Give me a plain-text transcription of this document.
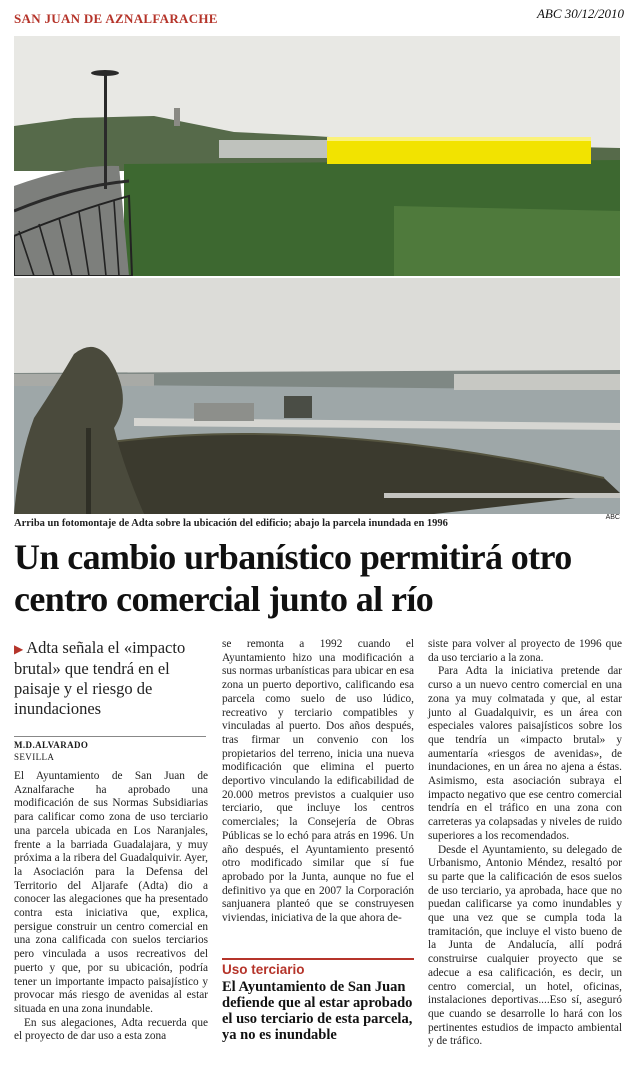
SAN JUAN DE AZNALFARACHE	ABC 30/12/2010
Arriba un fotomontaje de Adta sobre la ubicación del edificio; abajo la parcela inundada en 1996
ABC
Un cambio urbanístico permitirá otro centro comercial junto al río
▶ Adta señala el «impacto brutal» que tendrá en el paisaje y el riesgo de inundaciones
M.D.ALVARADO
SEVILLA

El Ayuntamiento de San Juan de Aznalfarache ha aprobado una modificación de sus Normas Subsidiarias para calificar como zona de uso terciario una parcela ubicada en Los Naranjales, frente a la barriada Guadalajara, y muy próxima a la ribera del Guadalquivir. Ayer, la Asociación para la Defensa del Territorio del Aljarafe (Adta) dio a conocer las alegaciones que ha presentado contra esta iniciativa que, explica, persigue construir un centro comercial en una zona calificada con suelos terciarios pero vinculada a usos recreativos del puerto y que, por su ubicación, podría tener un importante impacto paisajístico y provocar más riesgo de avenidas al estar situada en una zona inundable.

En sus alegaciones, Adta recuerda que el proyecto de dar uso a esta zona

se remonta a 1992 cuando el Ayuntamiento hizo una modificación a sus normas urbanísticas para ubicar en esa zona un puerto deportivo, calificando esa parcela como suelo de uso lúdico, recreativo y terciario compatibles y vinculadas al puerto. Dos años después, tras firmar un convenio con los propietarios del terreno, inicia una nueva modificación que elimina el puerto deportivo vinculando la edificabilidad de 20.000 metros previstos a cualquier uso terciario, que incluye los centros comerciales; la Consejería de Obras Públicas se lo echó para atrás en 1996. Un año después, el Ayuntamiento presentó otro modificado similar que sí fue aprobado por la Junta, aunque no fue el definitivo ya que en 2007 la Corporación sanjuanera planteó que se construyesen viviendas, iniciativa de la que ahora de-

Uso terciario
El Ayuntamiento de San Juan defiende que al estar aprobado el uso terciario de esta parcela, ya no es inundable

siste para volver al proyecto de 1996 que da uso terciario a la zona.

Para Adta la iniciativa pretende dar curso a un nuevo centro comercial en una zona ya muy colmatada y que, al estar junto al Guadalquivir, es un área con especiales valores paisajísticos sobre los que tendría un «impacto brutal» y aumentaría «riesgos de avenidas», de inundaciones, en un área no ajena a éstas. Asimismo, esta asociación subraya el impacto negativo que ese centro comercial tendría en el tráfico en una zona con carreteras ya colapsadas y niveles de ruido superiores a los recomendados.

Desde el Ayuntamiento, su delegado de Urbanismo, Antonio Méndez, resaltó por su parte que la calificación de esos suelos de uso terciario, ya aprobada, hace que no puedan calificarse ya como inundables y que una vez que se cumpla toda la tramitación, que incluye el visto bueno de la Junta de Andalucía, allí podrá construirse cualquier proyecto que se adecue a esa calificación, es decir, un centro comercial, un hotel, oficinas, instalaciones deportivas....Eso sí, aseguró que cuando se desarrolle lo hará con los pertinentes estudios de impacto ambiental y de tráfico.
